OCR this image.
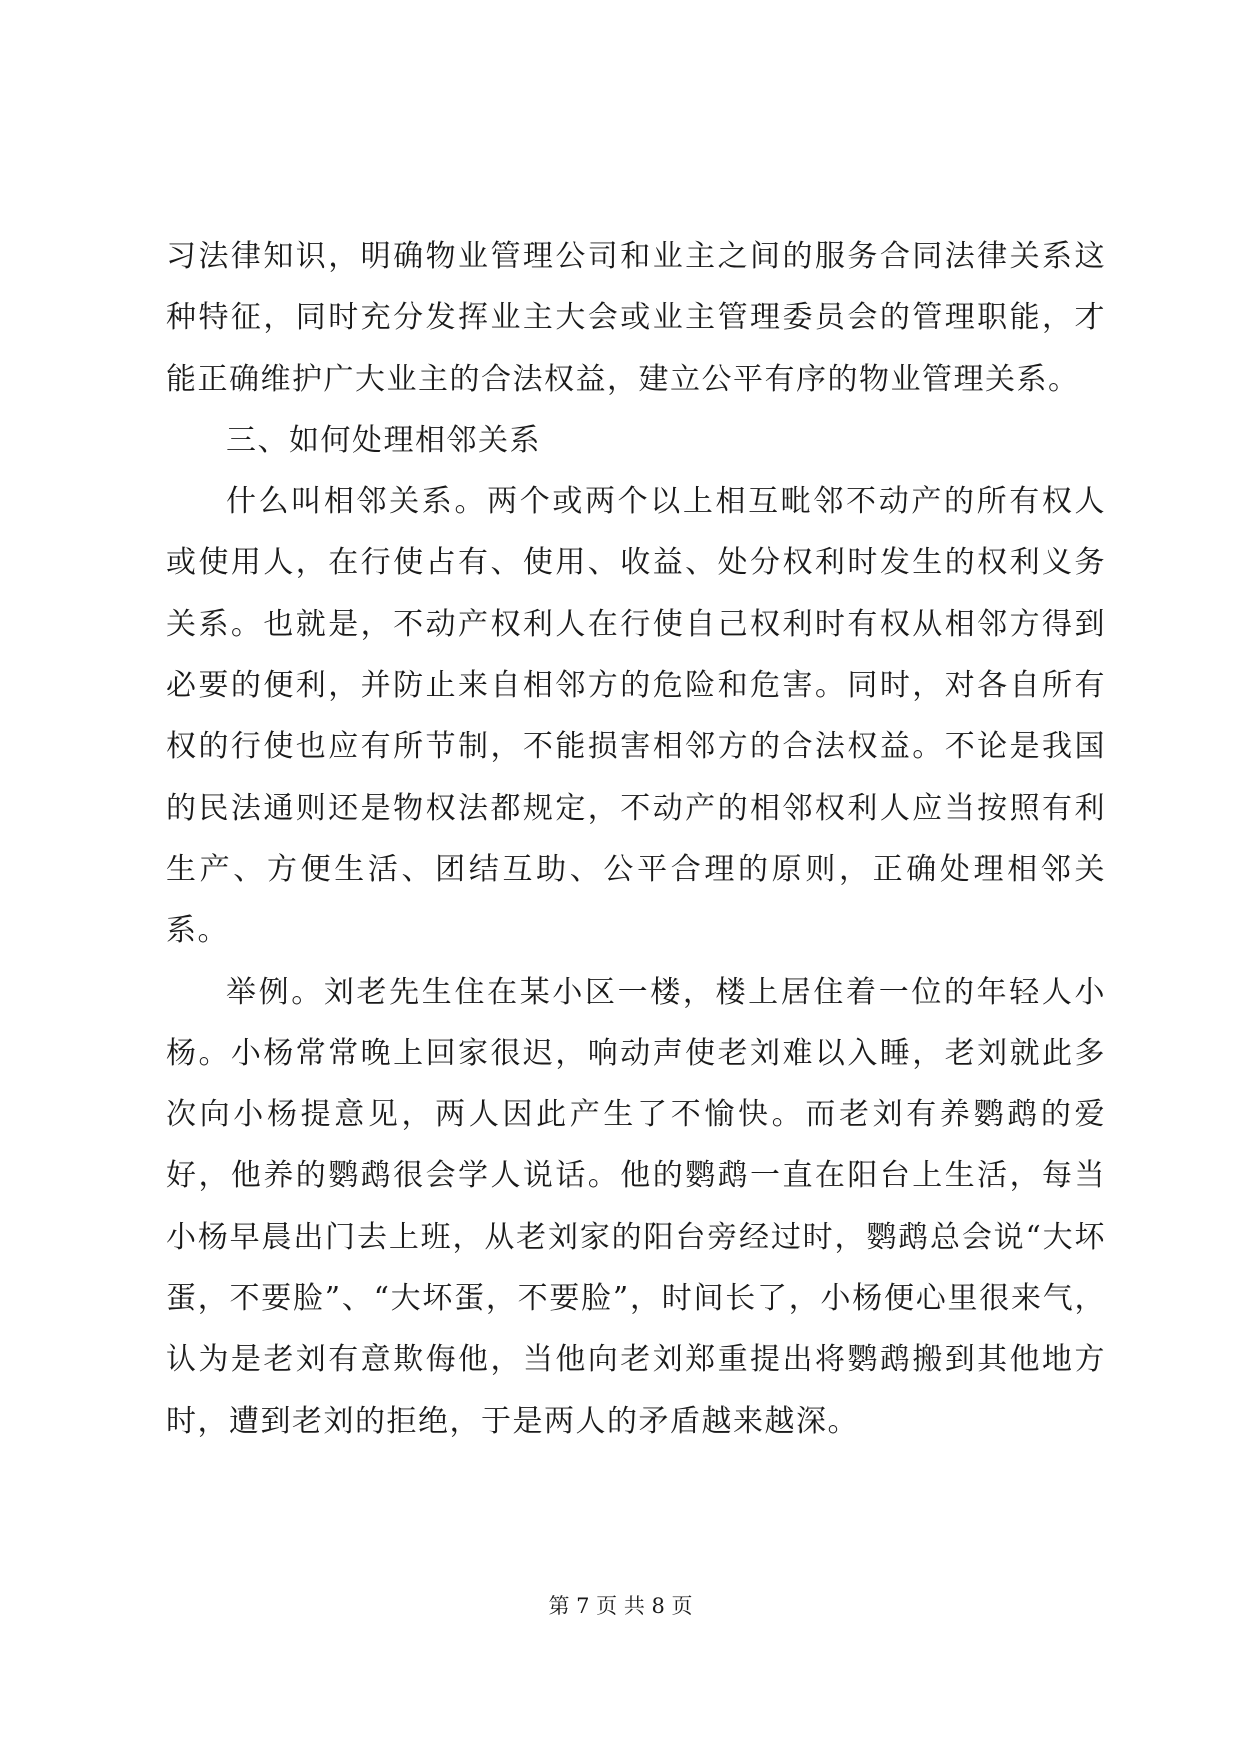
习法律知识，明确物业管理公司和业主之间的服务合同法律关系这种特征，同时充分发挥业主大会或业主管理委员会的管理职能，才能正确维护广大业主的合法权益，建立公平有序的物业管理关系。

三、如何处理相邻关系

什么叫相邻关系。两个或两个以上相互毗邻不动产的所有权人或使用人，在行使占有、使用、收益、处分权利时发生的权利义务关系。也就是，不动产权利人在行使自己权利时有权从相邻方得到必要的便利，并防止来自相邻方的危险和危害。同时，对各自所有权的行使也应有所节制，不能损害相邻方的合法权益。不论是我国的民法通则还是物权法都规定，不动产的相邻权利人应当按照有利生产、方便生活、团结互助、公平合理的原则，正确处理相邻关系。

举例。刘老先生住在某小区一楼，楼上居住着一位的年轻人小杨。小杨常常晚上回家很迟，响动声使老刘难以入睡，老刘就此多次向小杨提意见，两人因此产生了不愉快。而老刘有养鹦鹉的爱好，他养的鹦鹉很会学人说话。他的鹦鹉一直在阳台上生活，每当小杨早晨出门去上班，从老刘家的阳台旁经过时，鹦鹉总会说“大坏蛋，不要脸”、“大坏蛋，不要脸”，时间长了，小杨便心里很来气，认为是老刘有意欺侮他，当他向老刘郑重提出将鹦鹉搬到其他地方时，遭到老刘的拒绝，于是两人的矛盾越来越深。

第 7 页 共 8 页
